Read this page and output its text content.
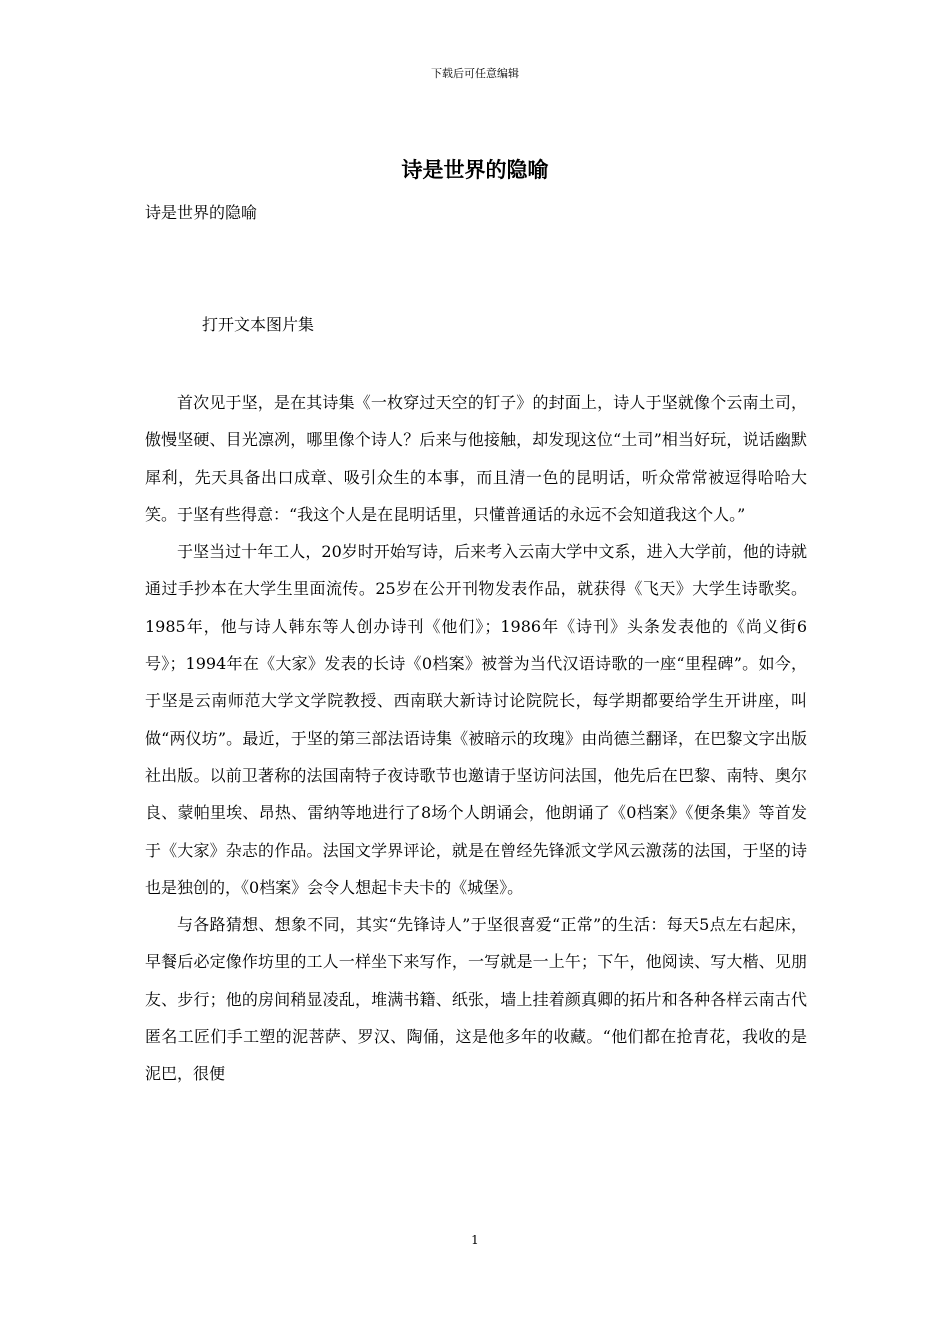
下载后可任意编辑
诗是世界的隐喻
诗是世界的隐喻
打开文本图片集

首次见于坚，是在其诗集《一枚穿过天空的钉子》的封面上，诗人于坚就像个云南土司，傲慢坚硬、目光凛冽，哪里像个诗人？后来与他接触，却发现这位“土司”相当好玩，说话幽默犀利，先天具备出口成章、吸引众生的本事，而且清一色的昆明话，听众常常被逗得哈哈大笑。于坚有些得意：“我这个人是在昆明话里，只懂普通话的永远不会知道我这个人。”

于坚当过十年工人，20岁时开始写诗，后来考入云南大学中文系，进入大学前，他的诗就通过手抄本在大学生里面流传。25岁在公开刊物发表作品，就获得《飞天》大学生诗歌奖。1985年，他与诗人韩东等人创办诗刊《他们》；1986年《诗刊》头条发表他的《尚义街6号》；1994年在《大家》发表的长诗《0档案》被誉为当代汉语诗歌的一座“里程碑”。如今，于坚是云南师范大学文学院教授、西南联大新诗讨论院院长，每学期都要给学生开讲座，叫做“两仪坊”。最近，于坚的第三部法语诗集《被暗示的玫瑰》由尚德兰翻译，在巴黎文字出版社出版。以前卫著称的法国南特子夜诗歌节也邀请于坚访问法国，他先后在巴黎、南特、奥尔良、蒙帕里埃、昂热、雷纳等地进行了8场个人朗诵会，他朗诵了《0档案》《便条集》等首发于《大家》杂志的作品。法国文学界评论，就是在曾经先锋派文学风云激荡的法国，于坚的诗也是独创的，《0档案》会令人想起卡夫卡的《城堡》。

与各路猜想、想象不同，其实“先锋诗人”于坚很喜爱“正常”的生活：每天5点左右起床，早餐后必定像作坊里的工人一样坐下来写作，一写就是一上午；下午，他阅读、写大楷、见朋友、步行；他的房间稍显凌乱，堆满书籍、纸张，墙上挂着颜真卿的拓片和各种各样云南古代匿名工匠们手工塑的泥菩萨、罗汉、陶俑，这是他多年的收藏。“他们都在抢青花，我收的是泥巴，很便

1
